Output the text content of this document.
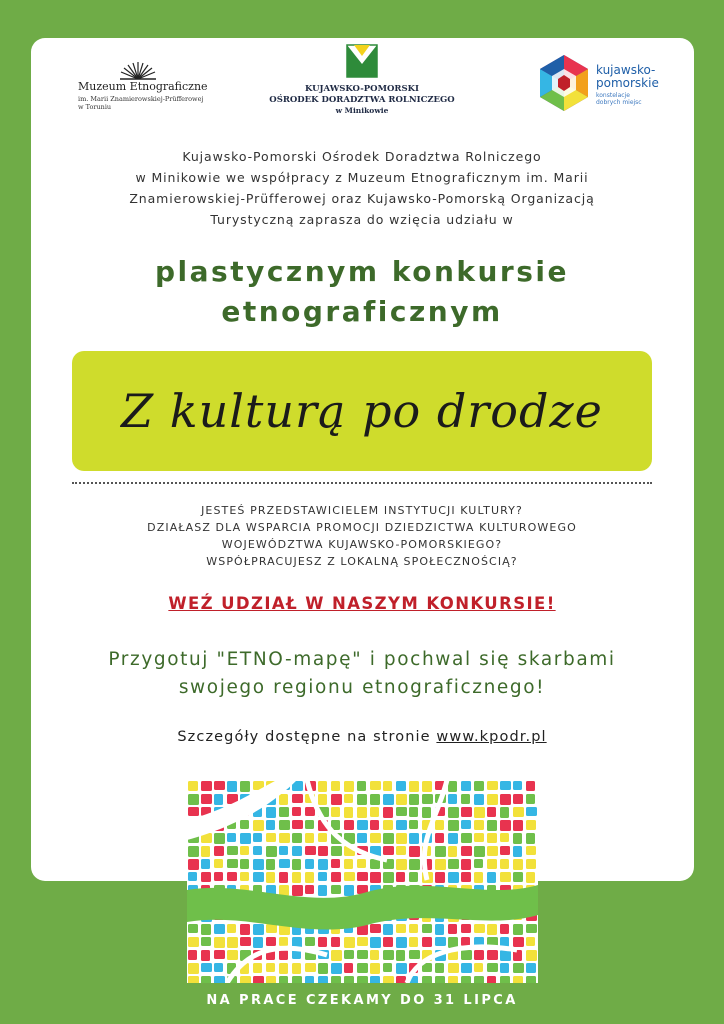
Muzeum Etnograficzne
im. Marii Znamierowskiej-Prüfferowej
w Toruniu
KUJAWSKO-POMORSKI
OŚRODEK DORADZTWA ROLNICZEGO
w Minikowie
kujawsko-
pomorskie
konstelacje
dobrych miejsc
Kujawsko-Pomorski Ośrodek Doradztwa Rolniczego
w Minikowie we współpracy z Muzeum Etnograficznym im. Marii
Znamierowskiej-Prüfferowej oraz Kujawsko-Pomorską Organizacją
Turystyczną zaprasza do wzięcia udziału w
plastycznym konkursie
etnograficznym
Z kulturą po drodze
JESTEŚ PRZEDSTAWICIELEM INSTYTUCJI KULTURY?
DZIAŁASZ DLA WSPARCIA PROMOCJI DZIEDZICTWA KULTUROWEGO
WOJEWÓDZTWA KUJAWSKO-POMORSKIEGO?
WSPÓŁPRACUJESZ Z LOKALNĄ SPOŁECZNOŚCIĄ?
WEŹ UDZIAŁ W NASZYM KONKURSIE!
Przygotuj "ETNO-mapę" i pochwal się skarbami
swojego regionu etnograficznego!
Szczegóły dostępne na stronie www.kpodr.pl
NA PRACE CZEKAMY DO 31 LIPCA
